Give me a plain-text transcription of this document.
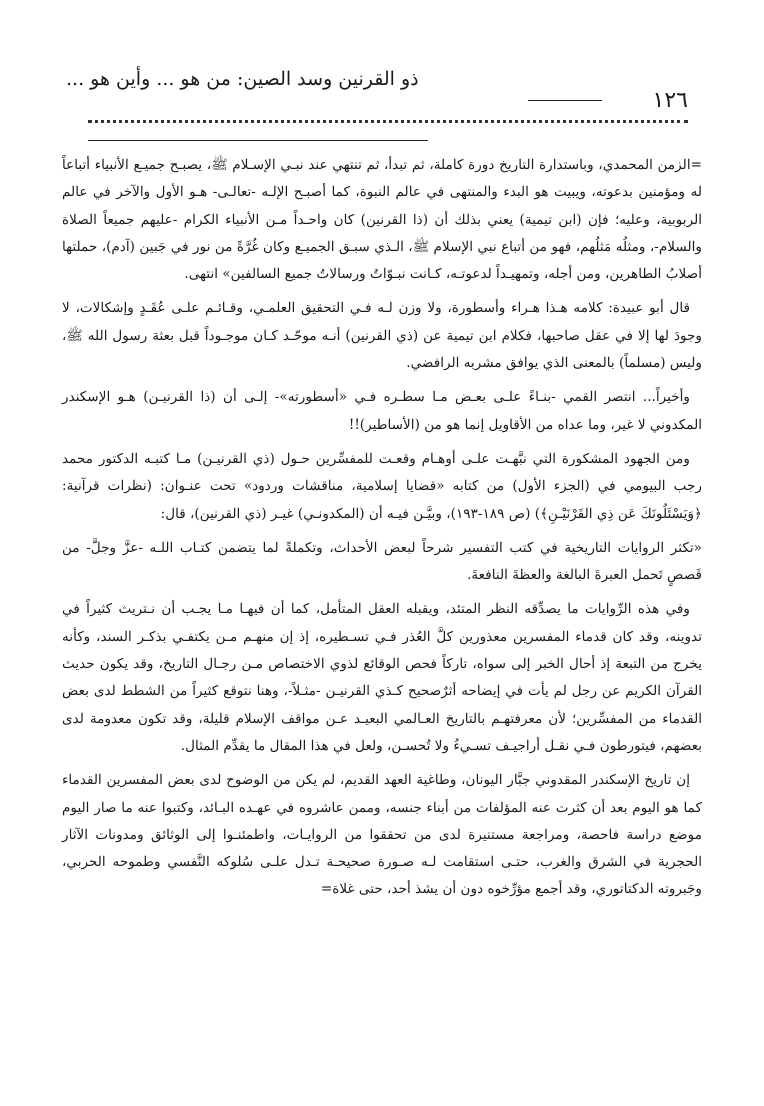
١٢٦
ذو القرنين وسد الصين: من هو ... وأين هو ...

=الزمن المحمدي، وباستدارة التاريخ دورة كاملة، ثم تبدأ، ثم تنتهي عند نبـي الإسـلام ﷺ، يصبـح جميـع الأنبياء أتباعاً له ومؤمنين بدعوته، ويبيت هو البدء والمنتهى في عالم النبوة، كما أصبـح الإلـه -تعالـى- هـو الأول والآخر في عالم الربوبية، وعليه؛ فإن (ابن تيمية) يعني بذلك أن (ذا القرنين) كان واحـداً مـن الأنبياء الكرام -عليهم جميعاً الصلاة والسلام-، ومثلُه مَثلُهم، فهو من أتباع نبي الإسلام ﷺ، الـذي سبـق الجميـع وكان غُرَّةً من نور في جَبين (آدم)، حملتها أصلابُ الطاهرين، ومن أجله، وتمهيـداً لدعوتـه، كـانت نبـوّاتُ ورسالاتُ جميع السالفين» انتهى.

قال أبو عبيدة: كلامه هـذا هـراء وأسطورة، ولا وزن لـه فـي التحقيق العلمـي، وقـائـم علـى عُقَـدٍ وإشكالات، لا وجودَ لها إلا في عقل صاحبها، فكلام ابن تيمية عن (ذي القرنين) أنـه موحّـد كـان موجـوداً قبل بعثة رسول الله ﷺ، وليس (مسلماً) بالمعنى الذي يوافق مشربه الرافضي.

وأخيراً... انتصر القمي -بنـاءً علـى بعـض مـا سطـره فـي «أسطورته»- إلـى أن (ذا القرنيـن) هـو الإسكندر المكدوني لا غير، وما عداه من الأقاويل إنما هو من (الأساطير)!!

ومن الجهود المشكورة التي نبَّهـت علـى أوهـام وقعـت للمفسِّرين حـول (ذي القرنيـن) مـا كتبـه الدكتور محمد رجب البيومي في (الجزء الأول) من كتابه «قضايا إسلامية، مناقشات وردود» تحت عنـوان: (نظرات قرآنية: ﴿وَيَسْئَلُونَكَ عَن ذِي القَرْنَيْـنِ﴾) (ص ١٨٩-١٩٣)، وبيَّـن فيـه أن (المكدونـي) غيـر (ذي القرنين)، قال:

«تكثر الروايات التاريخية في كتب التفسير شرحاً لبعض الأحداث، وتكملةً لما يتضمن كتـاب اللـه -عزَّ وجلَّ- من قَصصٍ تَحمل العبرةَ البالغة والعظةَ النافعةَ.

وفي هذه الرِّوايات ما يصدِّقه النظر المتئد، ويقبله العقل المتأمل، كما أن فيهـا مـا يجـب أن نـتريث كثيراً في تدوينه، وقد كان قدماء المفسرين معذورين كلَّ العُذر فـي تسـطيره، إذ إن منهـم مـن يكتفـي بذكـر السند، وكأنه يخرج من التبعة إذ أحال الخبر إلى سواه، تاركاً فحص الوقائع لذوي الاختصاص مـن رجـال التاريخ، وقد يكون حديث القرآن الكريم عن رجل لم يأت في إيضاحه أثرٌصحيح كـذي القرنيـن -مثـلاً-، وهنا نتوقع كثيراً من الشطط لدى بعض القدماء من المفسِّرين؛ لأن معرفتهـم بالتاريخ العـالمي البعيـد عـن مواقف الإسلام قليلة، وقد تكون معدومة لدى بعضهم، فيتورطون فـي نقـل أراجيـف تسـيءُ ولا تُحسـن، ولعل في هذا المقال ما يقدِّم المثال.

إن تاريخ الإسكندر المقدوني جبَّار اليونان، وطاغية العهد القديم، لم يكن من الوضوح لدى بعض المفسرين القدماء كما هو اليوم بعد أن كثرت عنه المؤلفات من أبناء جنسه، وممن عاشروه في عهـده البـائد، وكتبوا عنه ما صار اليوم موضع دراسة فاحصة، ومراجعة مستنيرة لدى من تحققوا من الروايـات، واطمئنـوا إلى الوثائق ومدونات الآثار الحجرية في الشرق والغرب، حتـى استقامت لـه صـورة صحيحـة تـدل علـى سُلوكه النَّفسي وطموحه الحربي، وجَبروته الدكتاتوري، وقد أجمع مؤرِّخوه دون أن يشذ أحد، حتى غلاة=
